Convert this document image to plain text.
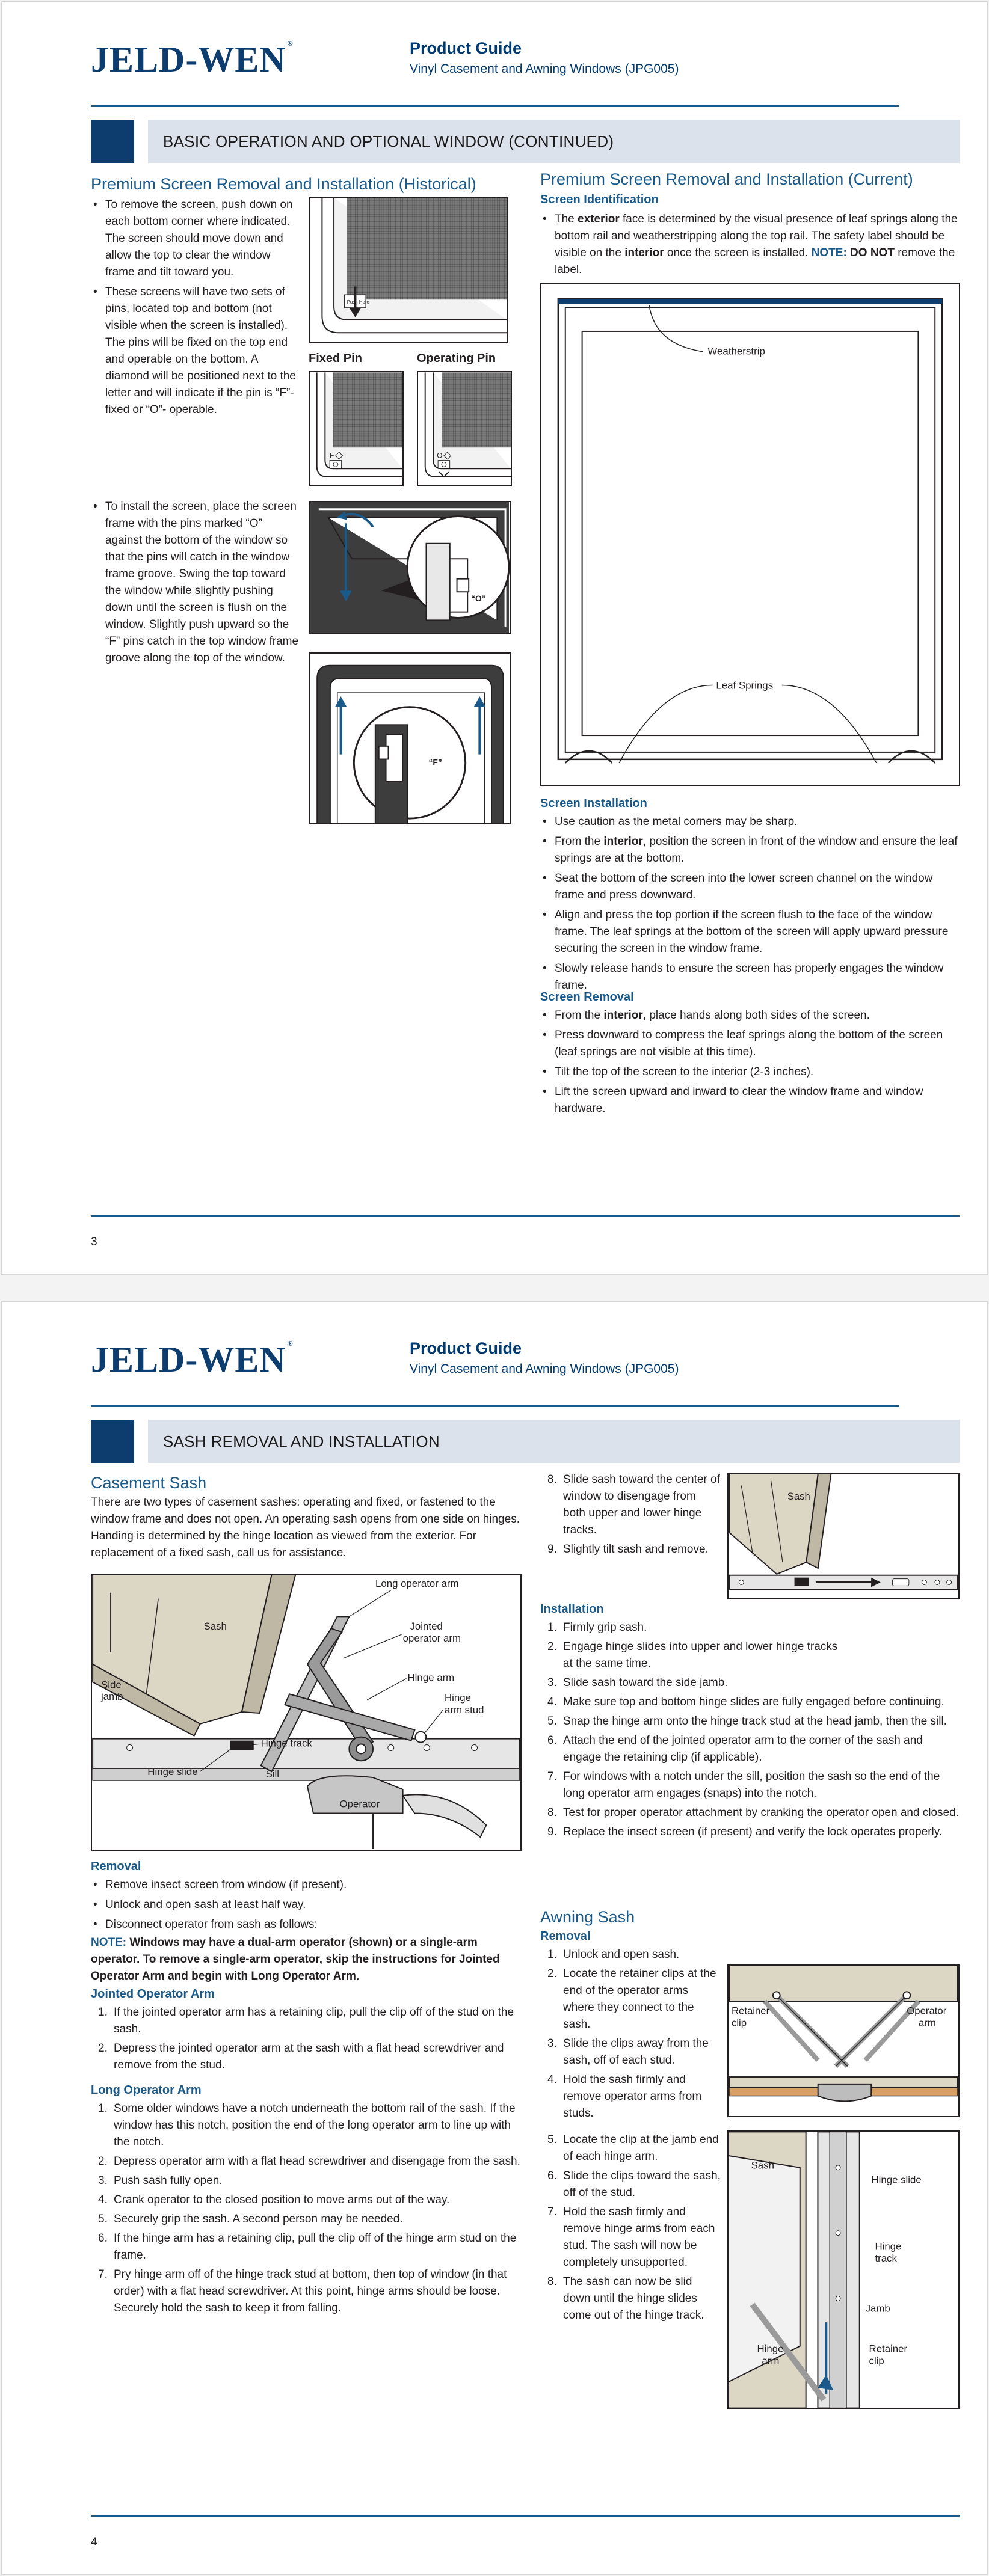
JELD-WEN ®	Product Guide
Vinyl Casement and Awning Windows (JPG005)
BASIC OPERATION AND OPTIONAL WINDOW (CONTINUED)
Premium Screen Removal and Installation (Historical)
• To remove the screen, push down on each bottom corner where indicated. The screen should move down and allow the top to clear the window frame and tilt toward you.
• These screens will have two sets of pins, located top and bottom (not visible when the screen is installed). The pins will be fixed on the top end and operable on the bottom. A diamond will be positioned next to the letter and will indicate if the pin is “F”- fixed or “O”- operable.
• To install the screen, place the screen frame with the pins marked “O” against the bottom of the window so that the pins will catch in the window frame groove. Swing the top toward the window while slightly pushing down until the screen is flush on the window. Slightly push upward so the “F” pins catch in the top window frame groove along the top of the window.
Push Here
Fixed Pin	Operating Pin
F	O
“O”
“F”
Premium Screen Removal and Installation (Current)
Screen Identification
• The exterior face is determined by the visual presence of leaf springs along the bottom rail and weatherstripping along the top rail. The safety label should be visible on the interior once the screen is installed. NOTE: DO NOT remove the label.
Weatherstrip
Leaf Springs
Screen Installation
• Use caution as the metal corners may be sharp.
• From the interior, position the screen in front of the window and ensure the leaf springs are at the bottom.
• Seat the bottom of the screen into the lower screen channel on the window frame and press downward.
• Align and press the top portion if the screen flush to the face of the window frame. The leaf springs at the bottom of the screen will apply upward pressure securing the screen in the window frame.
• Slowly release hands to ensure the screen has properly engages the window frame.
Screen Removal
• From the interior, place hands along both sides of the screen.
• Press downward to compress the leaf springs along the bottom of the screen (leaf springs are not visible at this time).
• Tilt the top of the screen to the interior (2-3 inches).
• Lift the screen upward and inward to clear the window frame and window hardware.
3
JELD-WEN ®	Product Guide
Vinyl Casement and Awning Windows (JPG005)
SASH REMOVAL AND INSTALLATION
Casement Sash
There are two types of casement sashes: operating and fixed, or fastened to the window frame and does not open. An operating sash opens from one side on hinges. Handing is determined by the hinge location as viewed from the exterior. For replacement of a fixed sash, call us for assistance.
Long operator arm
Jointed
operator arm
Hinge arm
Hinge
arm stud
Sash
Side
jamb
Hinge track
Hinge slide	Sill
Operator
Removal
• Remove insect screen from window (if present).
• Unlock and open sash at least half way.
• Disconnect operator from sash as follows:
NOTE: Windows may have a dual-arm operator (shown) or a single-arm operator. To remove a single-arm operator, skip the instructions for Jointed Operator Arm and begin with Long Operator Arm.
Jointed Operator Arm
If the jointed operator arm has a retaining clip, pull the clip off of the stud on the sash.
Depress the jointed operator arm at the sash with a flat head screwdriver and remove from the stud.
Long Operator Arm
Some older windows have a notch underneath the bottom rail of the sash. If the window has this notch, position the end of the long operator arm to line up with the notch.
Depress operator arm with a flat head screwdriver and disengage from the sash.
Push sash fully open.
Crank operator to the closed position to move arms out of the way.
Securely grip the sash. A second person may be needed.
If the hinge arm has a retaining clip, pull the clip off of the hinge arm stud on the frame.
Pry hinge arm off of the hinge track stud at bottom, then top of window (in that order) with a flat head screwdriver. At this point, hinge arms should be loose. Securely hold the sash to keep it from falling.
Slide sash toward the center of window to disengage from both upper and lower hinge tracks.
Slightly tilt sash and remove.
Sash
Installation
Firmly grip sash.
Engage hinge slides into upper and lower hinge tracks at the same time.
Slide sash toward the side jamb.
Make sure top and bottom hinge slides are fully engaged before continuing.
Snap the hinge arm onto the hinge track stud at the head jamb, then the sill.
Attach the end of the jointed operator arm to the corner of the sash and engage the retaining clip (if applicable).
For windows with a notch under the sill, position the sash so the end of the long operator arm engages (snaps) into the notch.
Test for proper operator attachment by cranking the operator open and closed.
Replace the insect screen (if present) and verify the lock operates properly.
Awning Sash
Removal
Unlock and open sash.
Locate the retainer clips at the end of the operator arms where they connect to the sash.
Slide the clips away from the sash, off of each stud.
Hold the sash firmly and remove operator arms from studs.
Retainer
clip
Operator
arm
Locate the clip at the jamb end of each hinge arm.
Slide the clips toward the sash, off of the stud.
Hold the sash firmly and remove hinge arms from each stud. The sash will now be completely unsupported.
The sash can now be slid down until the hinge slides come out of the hinge track.
Sash
Hinge slide
Hinge
track
Jamb
Hinge
arm
Retainer
clip
4
